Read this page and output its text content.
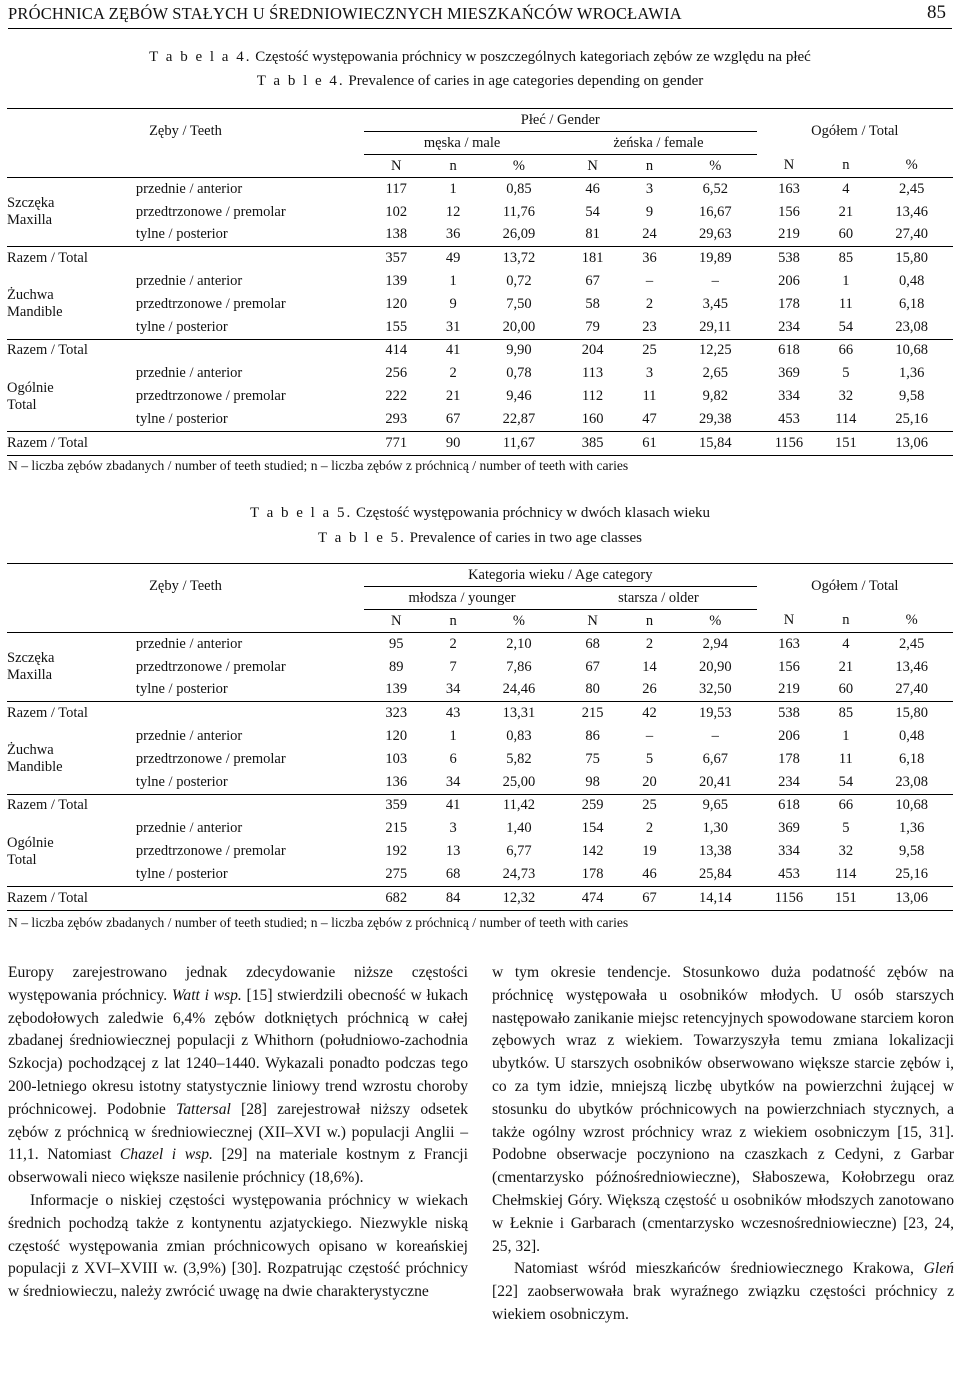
PRÓCHNICA ZĘBÓW STAŁYCH U ŚREDNIOWIECZNYCH MIESZKAŃCÓW WROCŁAWIA	85
T a b e l a 4. Częstość występowania próchnicy w poszczególnych kategoriach zębów ze względu na płeć
T a b l e 4. Prevalence of caries in age categories depending on gender
Zęby / Teeth		Płeć / Gender						Ogółem / Total		
		męska / male			żeńska / female					
		N	n	%	N	n	%	N	n	%

Szczęka
Maxilla	przednie / anterior	117	1	0,85	46	3	6,52	163	4	2,45
	przedtrzonowe / premolar	102	12	11,76	54	9	16,67	156	21	13,46
	tylne / posterior	138	36	26,09	81	24	29,63	219	60	27,40
Razem / Total		357	49	13,72	181	36	19,89	538	85	15,80

Żuchwa
Mandible	przednie / anterior	139	1	0,72	67	–	–	206	1	0,48
	przedtrzonowe / premolar	120	9	7,50	58	2	3,45	178	11	6,18
	tylne / posterior	155	31	20,00	79	23	29,11	234	54	23,08
Razem / Total		414	41	9,90	204	25	12,25	618	66	10,68

Ogólnie
Total	przednie / anterior	256	2	0,78	113	3	2,65	369	5	1,36
	przedtrzonowe / premolar	222	21	9,46	112	11	9,82	334	32	9,58
	tylne / posterior	293	67	22,87	160	47	29,38	453	114	25,16
Razem / Total		771	90	11,67	385	61	15,84	1156	151	13,06
N – liczba zębów zbadanych / number of teeth studied; n – liczba zębów z próchnicą / number of teeth with caries
T a b e l a 5. Częstość występowania próchnicy w dwóch klasach wieku
T a b l e 5. Prevalence of caries in two age classes
Zęby / Teeth		Kategoria wieku / Age category						Ogółem / Total		
		młodsza / younger			starsza / older					
		N	n	%	N	n	%	N	n	%

Szczęka
Maxilla	przednie / anterior	95	2	2,10	68	2	2,94	163	4	2,45
	przedtrzonowe / premolar	89	7	7,86	67	14	20,90	156	21	13,46
	tylne / posterior	139	34	24,46	80	26	32,50	219	60	27,40
Razem / Total		323	43	13,31	215	42	19,53	538	85	15,80

Żuchwa
Mandible	przednie / anterior	120	1	0,83	86	–	–	206	1	0,48
	przedtrzonowe / premolar	103	6	5,82	75	5	6,67	178	11	6,18
	tylne / posterior	136	34	25,00	98	20	20,41	234	54	23,08
Razem / Total		359	41	11,42	259	25	9,65	618	66	10,68

Ogólnie
Total	przednie / anterior	215	3	1,40	154	2	1,30	369	5	1,36
	przedtrzonowe / premolar	192	13	6,77	142	19	13,38	334	32	9,58
	tylne / posterior	275	68	24,73	178	46	25,84	453	114	25,16
Razem / Total		682	84	12,32	474	67	14,14	1156	151	13,06
N – liczba zębów zbadanych / number of teeth studied; n – liczba zębów z próchnicą / number of teeth with caries

Europy zarejestrowano jednak zdecydowanie niższe częstości występowania próchnicy. Watt i wsp. [15] stwierdzili obecność w łukach zębodołowych zaledwie 6,4% zębów dotkniętych próchnicą w całej zbadanej średniowiecznej populacji z Whithorn (południowo-zachodnia Szkocja) pochodzącej z lat 1240–1440. Wykazali ponadto podczas tego 200-letniego okresu istotny statystycznie liniowy trend wzrostu choroby próchnicowej. Podobnie Tattersal [28] zarejestrował niższy odsetek zębów z próchnicą w średniowiecznej (XII–XVI w.) populacji Anglii – 11,1. Natomiast Chazel i wsp. [29] na materiale kostnym z Francji obserwowali nieco większe nasilenie próchnicy (18,6%).

Informacje o niskiej częstości występowania próchnicy w wiekach średnich pochodzą także z kontynentu azjatyckiego. Niezwykle niską częstość występowania zmian próchnicowych opisano w koreańskiej populacji z XVI–XVIII w. (3,9%) [30]. Rozpatrując częstość próchnicy w średniowieczu, należy zwrócić uwagę na dwie charakterystyczne

w tym okresie tendencje. Stosunkowo duża podatność zębów na próchnicę występowała u osobników młodych. U osób starszych następowało zanikanie miejsc retencyjnych spowodowane starciem koron zębowych wraz z wiekiem. Towarzyszyła temu zmiana lokalizacji ubytków. U starszych osobników obserwowano większe starcie zębów i, co za tym idzie, mniejszą liczbę ubytków na powierzchni żującej w stosunku do ubytków próchnicowych na powierzchniach stycznych, a także ogólny wzrost próchnicy wraz z wiekiem osobniczym [15, 31]. Podobne obserwacje poczyniono na czaszkach z Cedyni, z Garbar (cmentarzysko późnośredniowieczne), Słaboszewa, Kołobrzegu oraz Chełmskiej Góry. Większą częstość u osobników młodszych zanotowano w Łeknie i Garbarach (cmentarzysko wczesnośredniowieczne) [23, 24, 25, 32].

Natomiast wśród mieszkańców średniowiecznego Krakowa, Gleń [22] zaobserwowała brak wyraźnego związku częstości próchnicy z wiekiem osobniczym.
